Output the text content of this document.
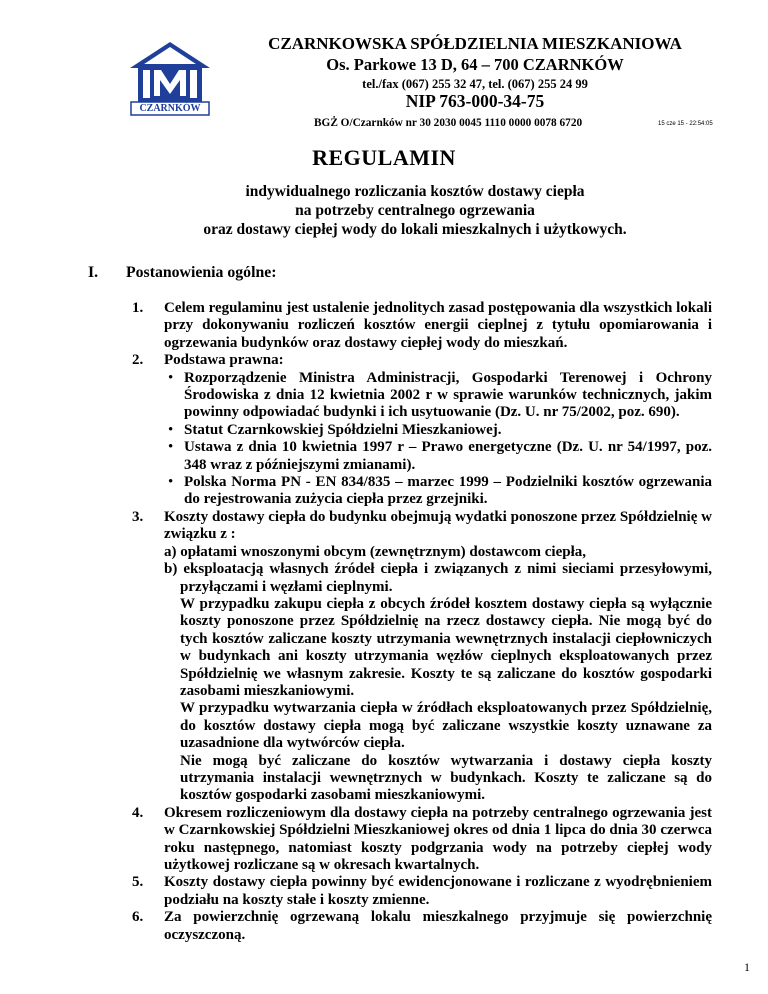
CZARNKÓW
CZARNKOWSKA SPÓŁDZIELNIA MIESZKANIOWA
Os. Parkowe 13 D, 64 – 700 CZARNKÓW
tel./fax (067) 255 32 47, tel. (067) 255 24 99
NIP 763-000-34-75
BGŻ O/Czarnków nr 30 2030 0045 1110 0000 0078 6720	15 cze 15 - 22:54:05
REGULAMIN
indywidualnego rozliczania kosztów dostawy ciepła
na potrzeby centralnego ogrzewania
oraz dostawy ciepłej wody do lokali mieszkalnych i użytkowych.
I. Postanowienia ogólne:
1. Celem regulaminu jest ustalenie jednolitych zasad postępowania dla wszystkich lokali przy dokonywaniu rozliczeń kosztów energii cieplnej z tytułu opomiarowania i ogrzewania budynków oraz dostawy ciepłej wody do mieszkań.

2. Podstawa prawna:

• Rozporządzenie Ministra Administracji, Gospodarki Terenowej i Ochrony Środowiska z dnia 12 kwietnia 2002 r w sprawie warunków technicznych, jakim powinny odpowiadać budynki i ich usytuowanie (Dz. U. nr 75/2002, poz. 690).

• Statut Czarnkowskiej Spółdzielni Mieszkaniowej.

• Ustawa z dnia 10 kwietnia 1997 r – Prawo energetyczne (Dz. U. nr 54/1997, poz. 348 wraz z późniejszymi zmianami).

• Polska Norma PN - EN 834/835 – marzec 1999 – Podzielniki kosztów ogrzewania do rejestrowania zużycia ciepła przez grzejniki.

3. Koszty dostawy ciepła do budynku obejmują wydatki ponoszone przez Spółdzielnię w związku z :

a) opłatami wnoszonymi obcym (zewnętrznym) dostawcom ciepła,

b) eksploatacją własnych źródeł ciepła i związanych z nimi sieciami przesyłowymi, przyłączami i węzłami cieplnymi.

W przypadku zakupu ciepła z obcych źródeł kosztem dostawy ciepła są wyłącznie koszty ponoszone przez Spółdzielnię na rzecz dostawcy ciepła. Nie mogą być do tych kosztów zaliczane koszty utrzymania wewnętrznych instalacji ciepłowniczych w budynkach ani koszty utrzymania węzłów cieplnych eksploatowanych przez Spółdzielnię we własnym zakresie. Koszty te są zaliczane do kosztów gospodarki zasobami mieszkaniowymi.

W przypadku wytwarzania ciepła w źródłach eksploatowanych przez Spółdzielnię, do kosztów dostawy ciepła mogą być zaliczane wszystkie koszty uznawane za uzasadnione dla wytwórców ciepła.

Nie mogą być zaliczane do kosztów wytwarzania i dostawy ciepła koszty utrzymania instalacji wewnętrznych w budynkach. Koszty te zaliczane są do kosztów gospodarki zasobami mieszkaniowymi.

4. Okresem rozliczeniowym dla dostawy ciepła na potrzeby centralnego ogrzewania jest w Czarnkowskiej Spółdzielni Mieszkaniowej okres od dnia 1 lipca do dnia 30 czerwca roku następnego, natomiast koszty podgrzania wody na potrzeby ciepłej wody użytkowej rozliczane są w okresach kwartalnych.

5. Koszty dostawy ciepła powinny być ewidencjonowane i rozliczane z wyodrębnieniem podziału na koszty stałe i koszty zmienne.

6. Za powierzchnię ogrzewaną lokalu mieszkalnego przyjmuje się powierzchnię oczyszczoną.

1
